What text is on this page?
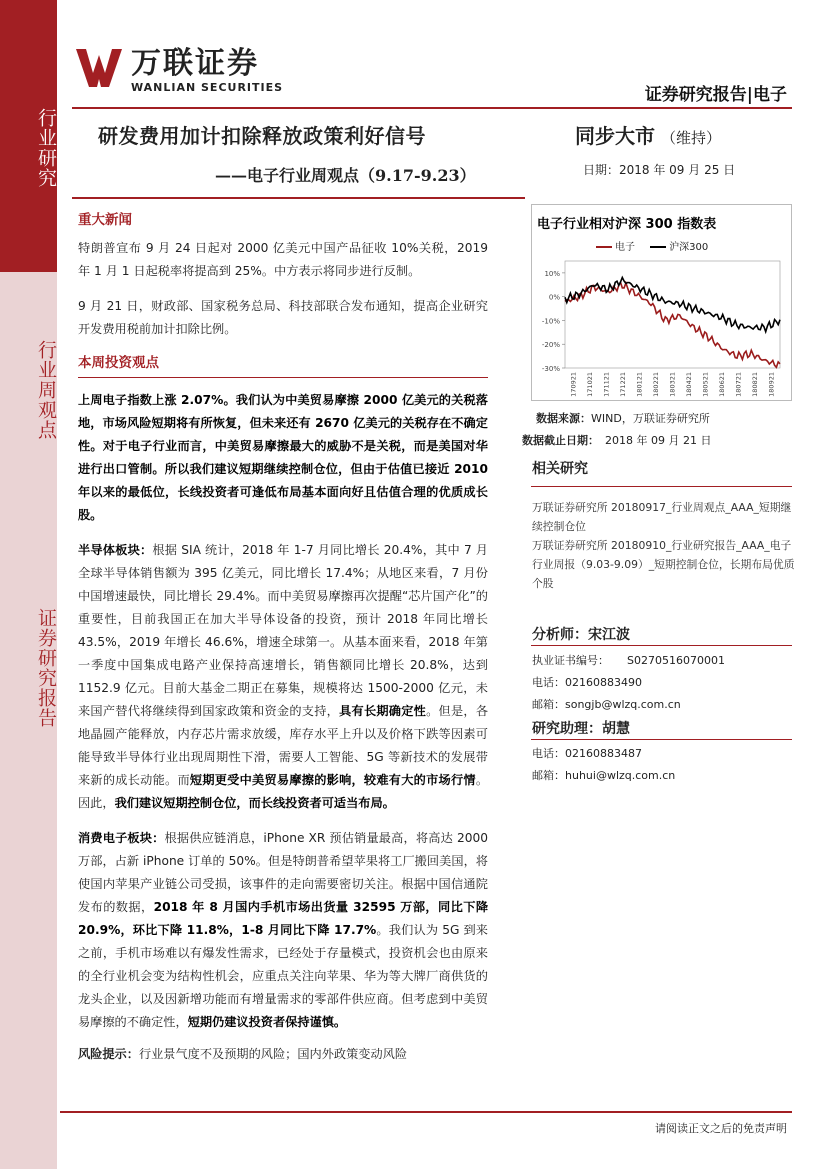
行业研究
行业周观点
证券研究报告
万联证券
WANLIAN SECURITIES	证券研究报告|电子
研发费用加计扣除释放政策利好信号
——电子行业周观点（9.17-9.23）
同步大市 （维持）
日期：2018 年 09 月 25 日
重大新闻

特朗普宣布 9 月 24 日起对 2000 亿美元中国产品征收 10%关税，2019 年 1 月 1 日起税率将提高到 25%。中方表示将同步进行反制。

9 月 21 日，财政部、国家税务总局、科技部联合发布通知，提高企业研究开发费用税前加计扣除比例。

本周投资观点

上周电子指数上涨 2.07%。我们认为中美贸易摩擦 2000 亿美元的关税落地，市场风险短期将有所恢复，但未来还有 2670 亿美元的关税存在不确定性。对于电子行业而言，中美贸易摩擦最大的威胁不是关税，而是美国对华进行出口管制。所以我们建议短期继续控制仓位，但由于估值已接近 2010 年以来的最低位，长线投资者可逢低布局基本面向好且估值合理的优质成长股。

半导体板块：根据 SIA 统计，2018 年 1-7 月同比增长 20.4%，其中 7 月全球半导体销售额为 395 亿美元，同比增长 17.4%；从地区来看，7 月份中国增速最快，同比增长 29.4%。而中美贸易摩擦再次提醒“芯片国产化”的重要性，目前我国正在加大半导体设备的投资，预计 2018 年同比增长 43.5%，2019 年增长 46.6%，增速全球第一。从基本面来看，2018 年第一季度中国集成电路产业保持高速增长，销售额同比增长 20.8%，达到 1152.9 亿元。目前大基金二期正在募集，规模将达 1500-2000 亿元，未来国产替代将继续得到国家政策和资金的支持，具有长期确定性。但是，各地晶圆产能释放，内存芯片需求放缓，库存水平上升以及价格下跌等因素可能导致半导体行业出现周期性下滑，需要人工智能、5G 等新技术的发展带来新的成长动能。而短期更受中美贸易摩擦的影响，较难有大的市场行情。因此，我们建议短期控制仓位，而长线投资者可适当布局。

消费电子板块：根据供应链消息，iPhone XR 预估销量最高，将高达 2000 万部，占新 iPhone 订单的 50%。但是特朗普希望苹果将工厂搬回美国，将使国内苹果产业链公司受损，该事件的走向需要密切关注。根据中国信通院发布的数据，2018 年 8 月国内手机市场出货量 32595 万部，同比下降 20.9%，环比下降 11.8%，1-8 月同比下降 17.7%。我们认为 5G 到来之前，手机市场难以有爆发性需求，已经处于存量模式，投资机会也由原来的全行业机会变为结构性机会，应重点关注向苹果、华为等大牌厂商供货的龙头企业，以及因新增功能而有增量需求的零部件供应商。但考虑到中美贸易摩擦的不确定性，短期仍建议投资者保持谨慎。

风险提示：行业景气度不及预期的风险；国内外政策变动风险

电子行业相对沪深 300 指数表
电子	沪深300
10%
0%
-10%
-20%
-30%
170921 171021 171121 171221 180121 180221 180321 180421 180521 180621 180721 180821 180921
数据来源：WIND，万联证券研究所
数据截止日期： 2018 年 09 月 21 日
相关研究

万联证券研究所 20180917_行业周观点_AAA_短期继续控制仓位

万联证券研究所 20180910_行业研究报告_AAA_电子行业周报（9.03-9.09）_短期控制仓位，长期布局优质个股

分析师：宋江波
执业证书编号： S0270516070001
电话：02160883490
邮箱：songjb@wlzq.com.cn
研究助理：胡慧
电话：02160883487
邮箱：huhui@wlzq.com.cn
请阅读正文之后的免责声明
